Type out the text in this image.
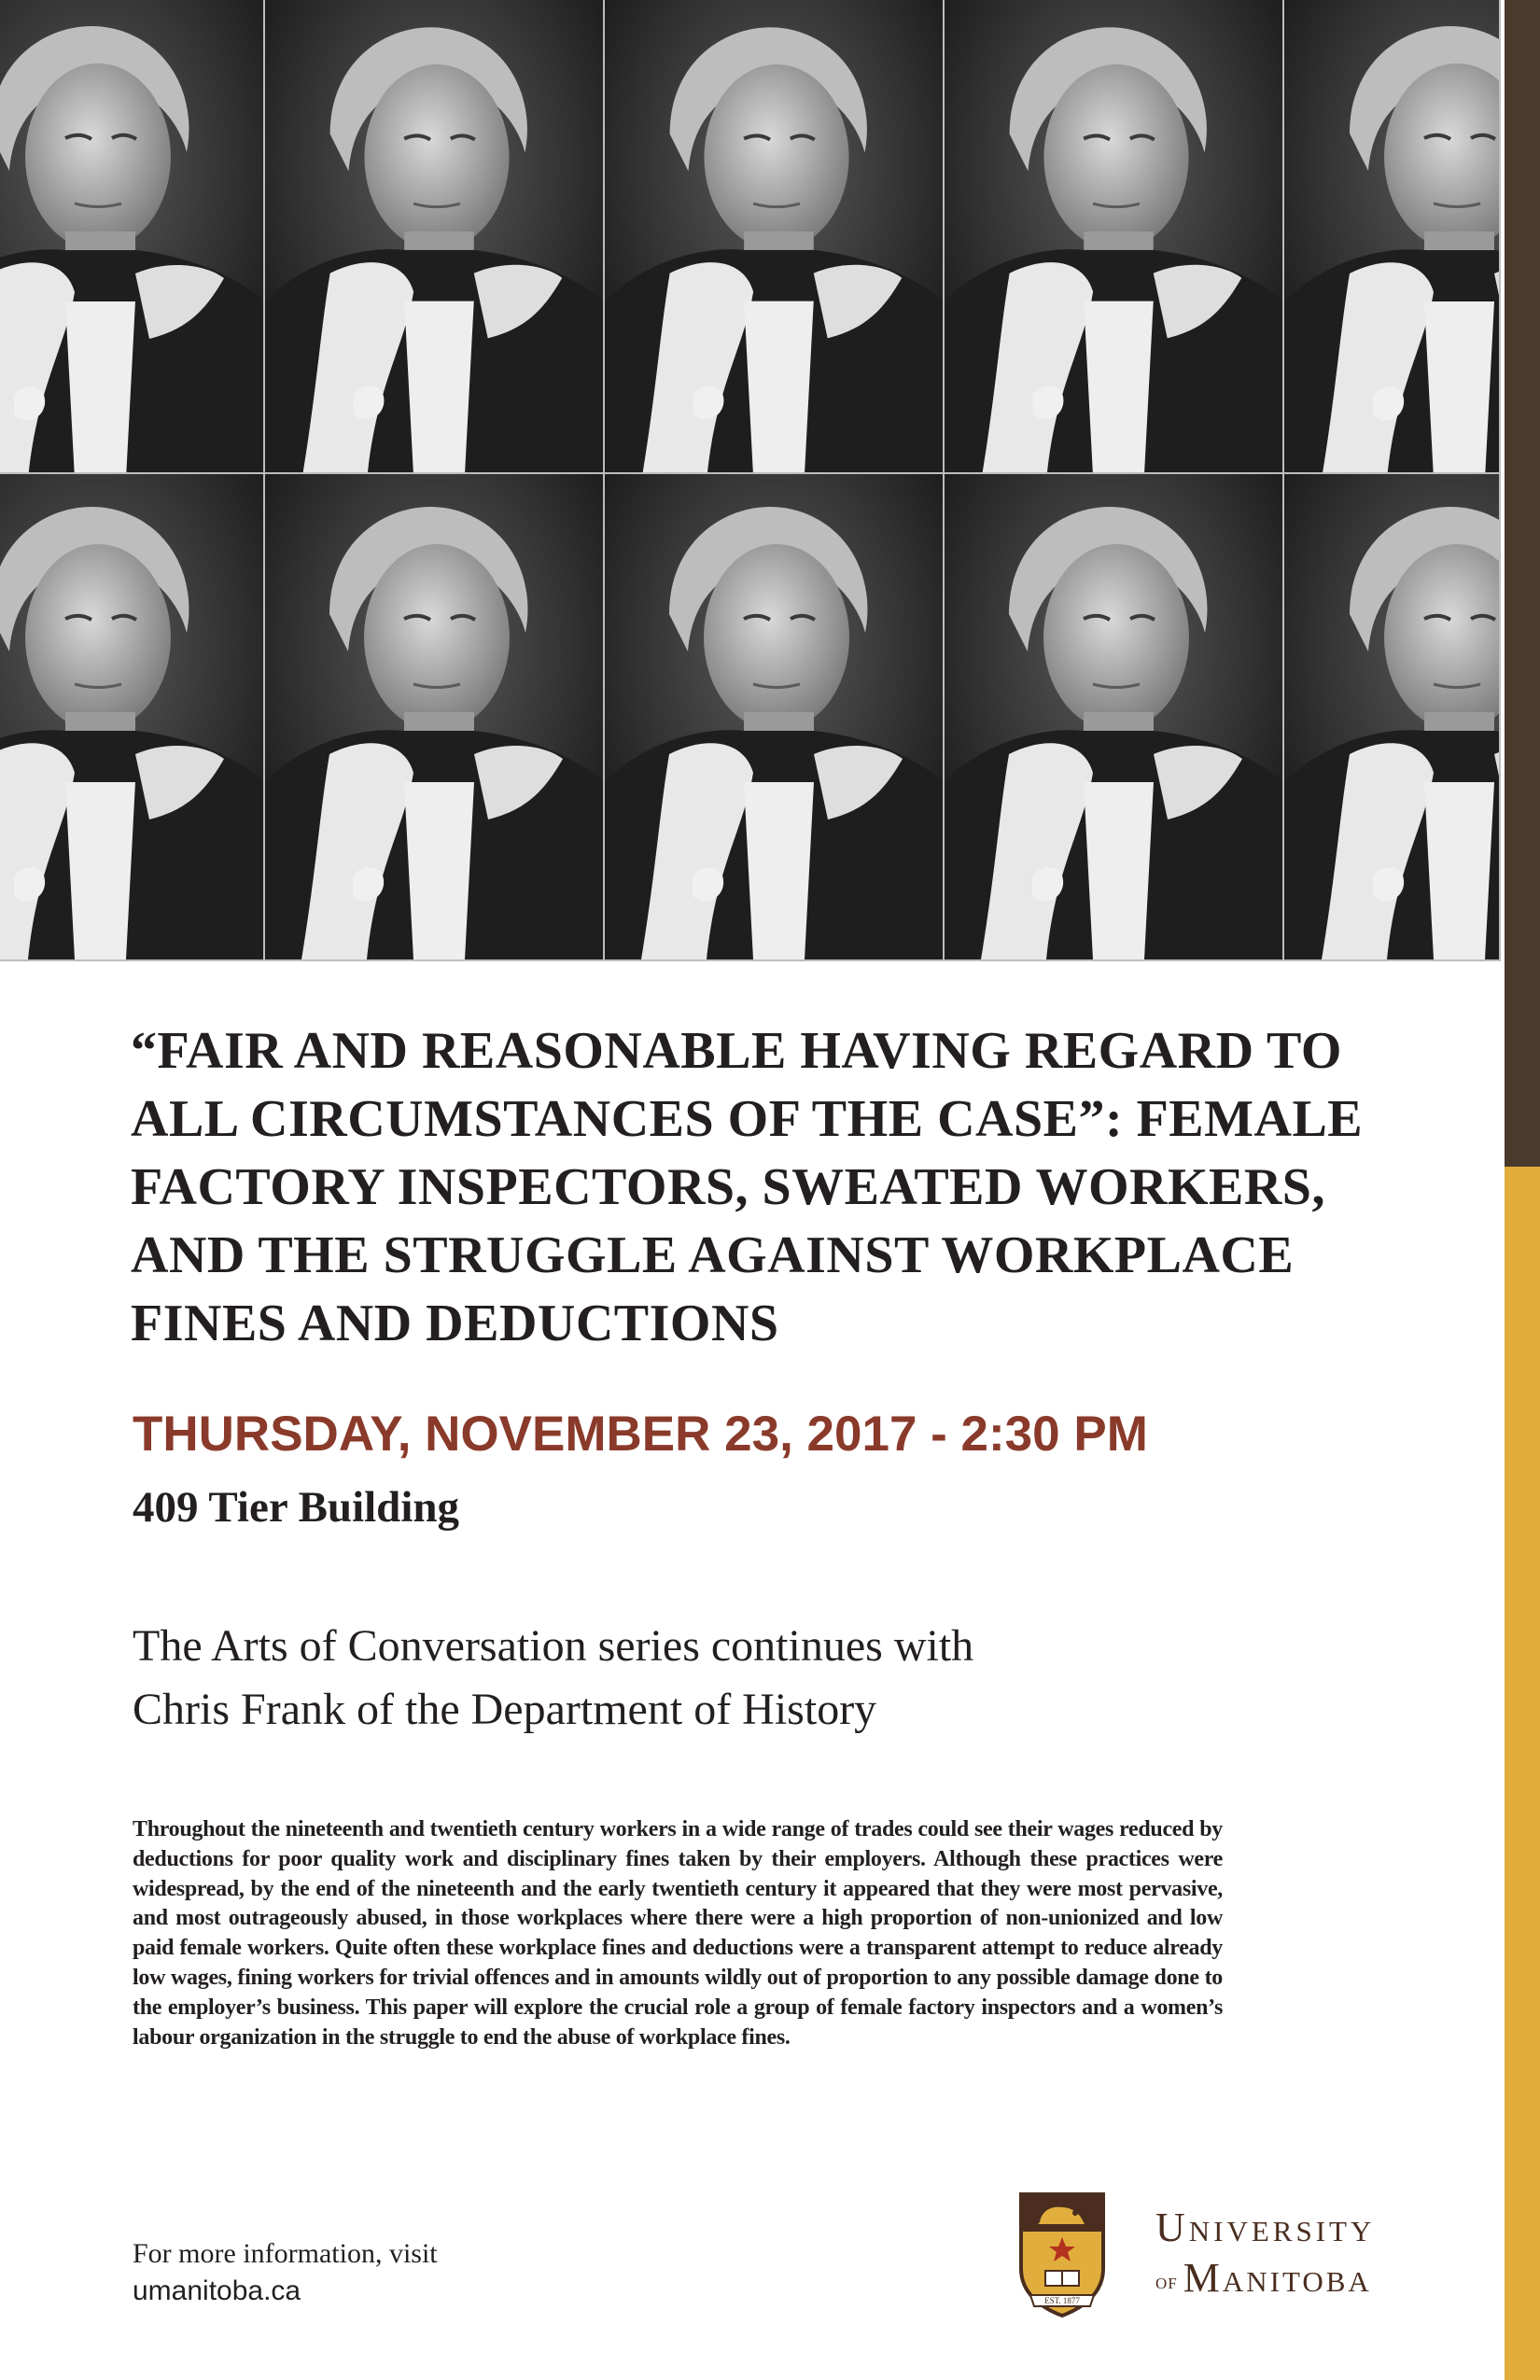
“FAIR AND REASONABLE HAVING REGARD TO ALL CIRCUMSTANCES OF THE CASE”: FEMALE FACTORY INSPECTORS, SWEATED WORKERS, AND THE STRUGGLE AGAINST WORKPLACE FINES AND DEDUCTIONS

THURSDAY, NOVEMBER 23, 2017 - 2:30 PM

409 Tier Building

The Arts of Conversation series continues with
Chris Frank of the Department of History

Throughout the nineteenth and twentieth century workers in a wide range of trades could see their wages reduced by deductions for poor quality work and disciplinary fines taken by their employers. Although these practices were widespread, by the end of the nineteenth and the early twentieth century it appeared that they were most pervasive, and most outrageously abused, in those workplaces where there were a high proportion of non-unionized and low paid female workers. Quite often these workplace fines and deductions were a transparent attempt to reduce already low wages, fining workers for trivial offences and in amounts wildly out of proportion to any possible damage done to the employer’s business. This paper will explore the crucial role a group of female factory inspectors and a women’s labour organization in the struggle to end the abuse of workplace fines.

For more information, visit
umanitoba.ca	EST. 1877
University
of Manitoba
